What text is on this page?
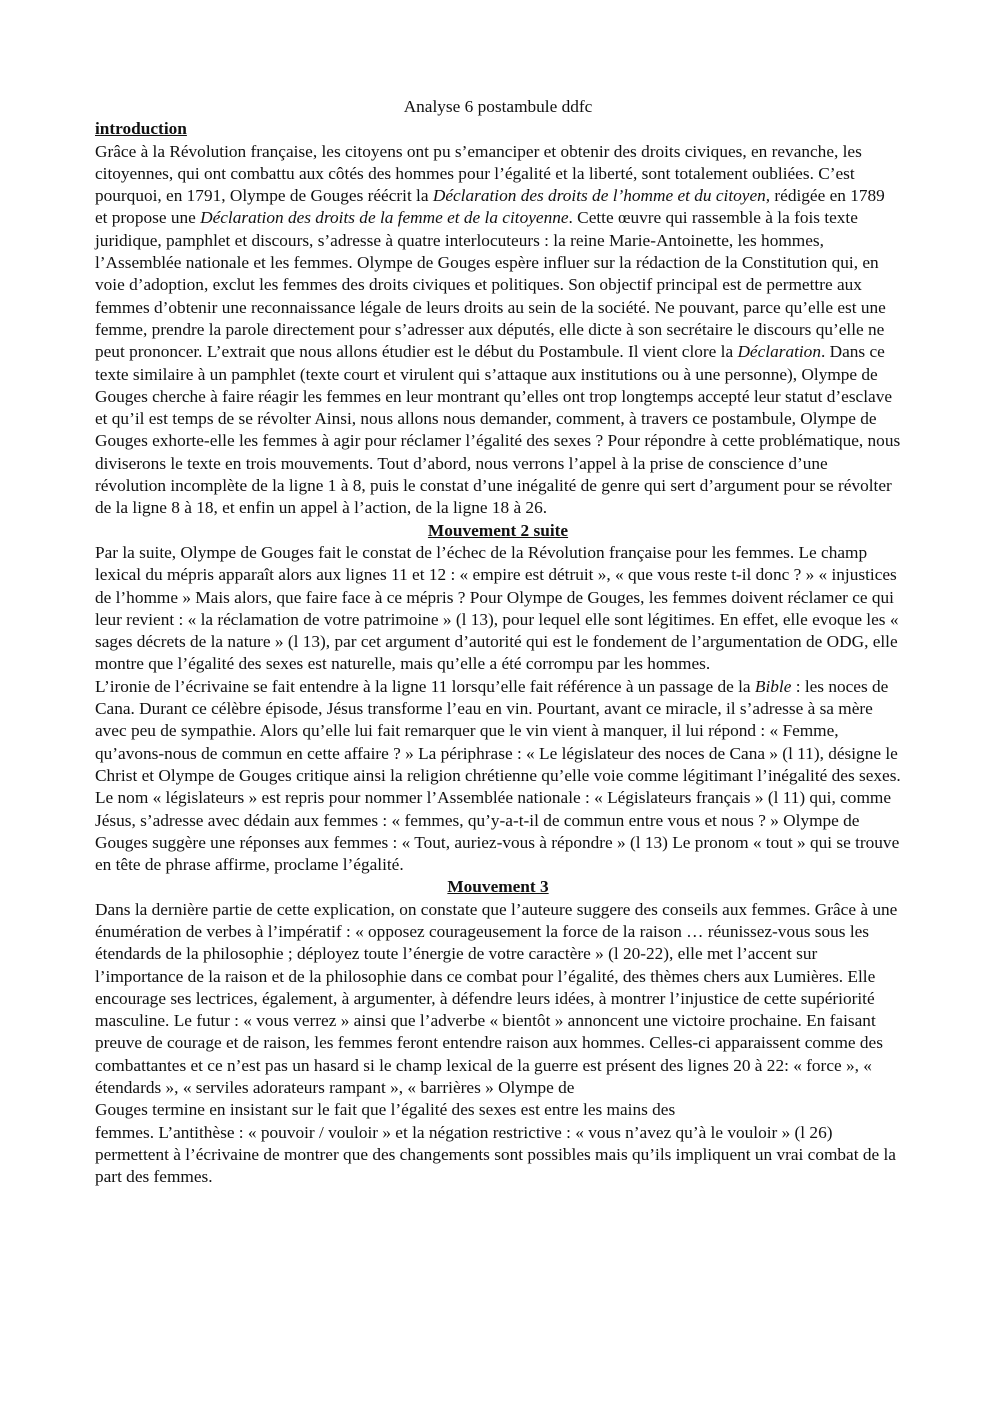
Analyse 6 postambule ddfc

introduction

Grâce à la Révolution française, les citoyens ont pu s’emanciper et obtenir des droits civiques, en revanche, les citoyennes, qui ont combattu aux côtés des hommes pour l’égalité et la liberté, sont totalement oubliées. C’est pourquoi, en 1791, Olympe de Gouges réécrit la Déclaration des droits de l’homme et du citoyen, rédigée en 1789 et propose une Déclaration des droits de la femme et de la citoyenne. Cette œuvre qui rassemble à la fois texte juridique, pamphlet et discours, s’adresse à quatre interlocuteurs : la reine Marie-Antoinette, les hommes, l’Assemblée nationale et les femmes. Olympe de Gouges espère influer sur la rédaction de la Constitution qui, en voie d’adoption, exclut les femmes des droits civiques et politiques. Son objectif principal est de permettre aux femmes d’obtenir une reconnaissance légale de leurs droits au sein de la société. Ne pouvant, parce qu’elle est une femme, prendre la parole directement pour s’adresser aux députés, elle dicte à son secrétaire le discours qu’elle ne peut prononcer. L’extrait que nous allons étudier est le début du Postambule. Il vient clore la Déclaration. Dans ce texte similaire à un pamphlet (texte court et virulent qui s’attaque aux institutions ou à une personne), Olympe de Gouges cherche à faire réagir les femmes en leur montrant qu’elles ont trop longtemps accepté leur statut d’esclave et qu’il est temps de se révolter Ainsi, nous allons nous demander, comment, à travers ce postambule, Olympe de Gouges exhorte-elle les femmes à agir pour réclamer l’égalité des sexes ? Pour répondre à cette problématique, nous diviserons le texte en trois mouvements. Tout d’abord, nous verrons l’appel à la prise de conscience d’une révolution incomplète de la ligne 1 à 8, puis le constat d’une inégalité de genre qui sert d’argument pour se révolter de la ligne 8 à 18, et enfin un appel à l’action, de la ligne 18 à 26.

Mouvement 2 suite

Par la suite, Olympe de Gouges fait le constat de l’échec de la Révolution française pour les femmes. Le champ lexical du mépris apparaît alors aux lignes 11 et 12 : « empire est détruit », « que vous reste t-il donc ? » « injustices de l’homme » Mais alors, que faire face à ce mépris ? Pour Olympe de Gouges, les femmes doivent réclamer ce qui leur revient : « la réclamation de votre patrimoine » (l 13), pour lequel elle sont légitimes. En effet, elle evoque les « sages décrets de la nature » (l 13), par cet argument d’autorité qui est le fondement de l’argumentation de ODG, elle montre que l’égalité des sexes est naturelle, mais qu’elle a été corrompu par les hommes.

L’ironie de l’écrivaine se fait entendre à la ligne 11 lorsqu’elle fait référence à un passage de la Bible : les noces de Cana. Durant ce célèbre épisode, Jésus transforme l’eau en vin. Pourtant, avant ce miracle, il s’adresse à sa mère avec peu de sympathie. Alors qu’elle lui fait remarquer que le vin vient à manquer, il lui répond : « Femme, qu’avons-nous de commun en cette affaire ? » La périphrase : « Le législateur des noces de Cana » (l 11), désigne le Christ et Olympe de Gouges critique ainsi la religion chrétienne qu’elle voie comme légitimant l’inégalité des sexes. Le nom « législateurs » est repris pour nommer l’Assemblée nationale : « Législateurs français » (l 11) qui, comme Jésus, s’adresse avec dédain aux femmes : « femmes, qu’y-a-t-il de commun entre vous et nous ? » Olympe de Gouges suggère une réponses aux femmes : « Tout, auriez-vous à répondre » (l 13) Le pronom « tout » qui se trouve en tête de phrase affirme, proclame l’égalité.

Mouvement 3

Dans la dernière partie de cette explication, on constate que l’auteure suggere des conseils aux femmes. Grâce à une énumération de verbes à l’impératif : « opposez courageusement la force de la raison … réunissez-vous sous les étendards de la philosophie ; déployez toute l’énergie de votre caractère » (l 20-22), elle met l’accent sur l’importance de la raison et de la philosophie dans ce combat pour l’égalité, des thèmes chers aux Lumières. Elle encourage ses lectrices, également, à argumenter, à défendre leurs idées, à montrer l’injustice de cette supériorité masculine. Le futur : « vous verrez » ainsi que l’adverbe « bientôt » annoncent une victoire prochaine. En faisant preuve de courage et de raison, les femmes feront entendre raison aux hommes. Celles-ci apparaissent comme des combattantes et ce n’est pas un hasard si le champ lexical de la guerre est présent des lignes 20 à 22: « force », « étendards », « serviles adorateurs rampant », « barrières » Olympe de

Gouges termine en insistant sur le fait que l’égalité des sexes est entre les mains des

femmes. L’antithèse : « pouvoir / vouloir » et la négation restrictive : « vous n’avez qu’à le vouloir » (l 26) permettent à l’écrivaine de montrer que des changements sont possibles mais qu’ils impliquent un vrai combat de la part des femmes.
